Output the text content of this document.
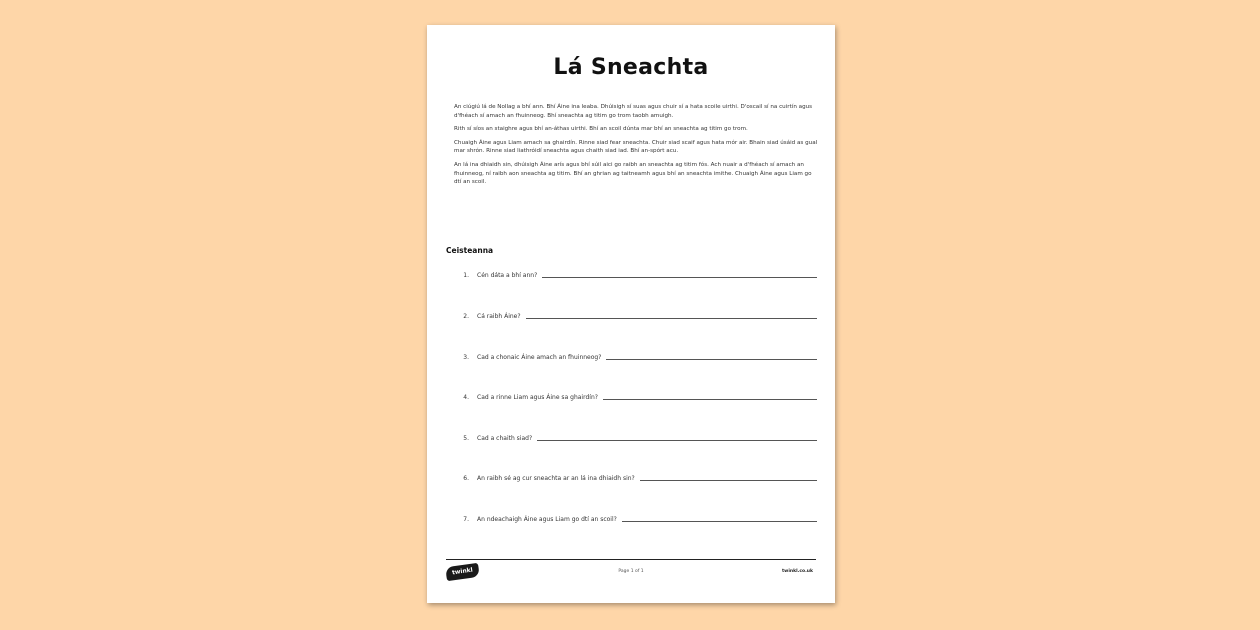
Lá Sneachta

An ciúgiú lá de Nollag a bhí ann. Bhí Áine ina leaba. Dhúisigh sí suas agus chuir sí a hata scoile uirthi. D'oscail sí na cuirtín agus d'fhéach sí amach an fhuinneog. Bhí sneachta ag titim go trom taobh amuigh.

Rith sí síos an staighre agus bhí an-áthas uirthi. Bhí an scoil dúnta mar bhí an sneachta ag titim go trom.

Chuaigh Áine agus Liam amach sa ghairdín. Rinne siad fear sneachta. Chuir siad scaif agus hata mór air. Bhain siad úsáid as gual mar shrón. Rinne siad liathróidí sneachta agus chaith siad iad. Bhí an-spórt acu.

An lá ina dhiaidh sin, dhúisigh Áine arís agus bhí súil aici go raibh an sneachta ag titim fós. Ach nuair a d'fhéach sí amach an fhuinneog, ní raibh aon sneachta ag titim. Bhí an ghrian ag taitneamh agus bhí an sneachta imithe. Chuaigh Áine agus Liam go dtí an scoil.

Ceisteanna
1. Cén dáta a bhí ann?
2. Cá raibh Áine?
3. Cad a chonaic Áine amach an fhuinneog?
4. Cad a rinne Liam agus Áine sa ghairdín?
5. Cad a chaith siad?
6. An raibh sé ag cur sneachta ar an lá ina dhiaidh sin?
7. An ndeachaigh Áine agus Liam go dtí an scoil?
twinkl	Page 1 of 1	twinkl.co.uk
